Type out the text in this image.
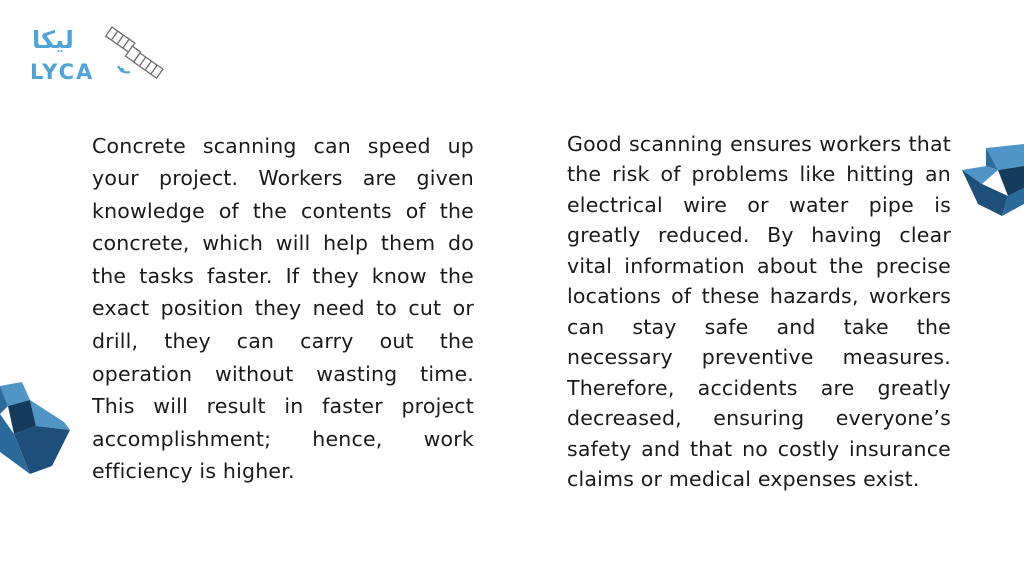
ليكا
LYCA

Concrete scanning can speed up your project. Workers are given knowledge of the contents of the concrete, which will help them do the tasks faster. If they know the exact position they need to cut or drill, they can carry out the operation without wasting time. This will result in faster project accomplishment; hence, work efficiency is higher.

Good scanning ensures workers that the risk of problems like hitting an electrical wire or water pipe is greatly reduced. By having clear vital information about the precise locations of these hazards, workers can stay safe and take the necessary preventive measures. Therefore, accidents are greatly decreased, ensuring everyone’s safety and that no costly insurance claims or medical expenses exist.
